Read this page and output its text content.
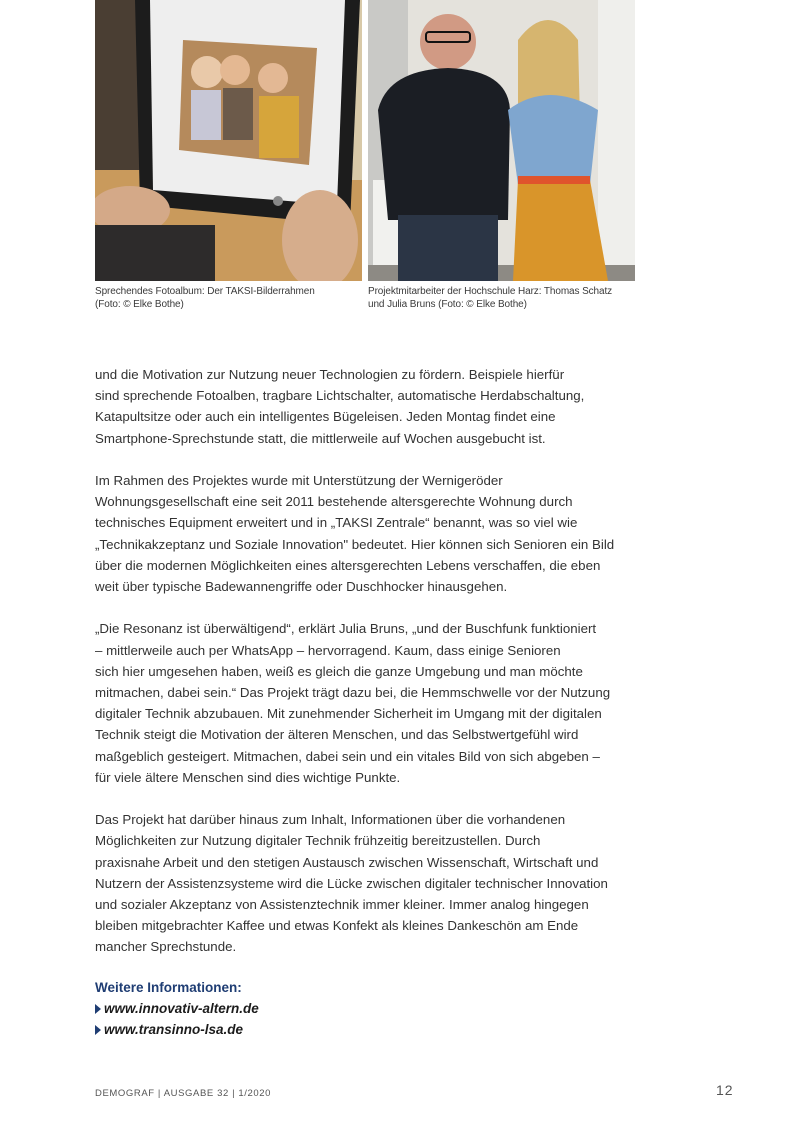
Sprechendes Fotoalbum: Der TAKSI-Bilderrahmen
(Foto: © Elke Bothe)
Projektmitarbeiter der Hochschule Harz: Thomas Schatz
und Julia Bruns (Foto: © Elke Bothe)

und die Motivation zur Nutzung neuer Technologien zu fördern. Beispiele hierfür
sind sprechende Fotoalben, tragbare Lichtschalter, automatische Herdabschaltung,
Katapultsitze oder auch ein intelligentes Bügeleisen. Jeden Montag findet eine
Smartphone-Sprechstunde statt, die mittlerweile auf Wochen ausgebucht ist.

Im Rahmen des Projektes wurde mit Unterstützung der Wernigeröder
Wohnungsgesellschaft eine seit 2011 bestehende altersgerechte Wohnung durch
technisches Equipment erweitert und in „TAKSI Zentrale“ benannt, was so viel wie
„Technikakzeptanz und Soziale Innovation" bedeutet. Hier können sich Senioren ein Bild
über die modernen Möglichkeiten eines altersgerechten Lebens verschaffen, die eben
weit über typische Badewannengriffe oder Duschhocker hinausgehen.

„Die Resonanz ist überwältigend“, erklärt Julia Bruns, „und der Buschfunk funktioniert
– mittlerweile auch per WhatsApp – hervorragend. Kaum, dass einige Senioren
sich hier umgesehen haben, weiß es gleich die ganze Umgebung und man möchte
mitmachen, dabei sein.“ Das Projekt trägt dazu bei, die Hemmschwelle vor der Nutzung
digitaler Technik abzubauen. Mit zunehmender Sicherheit im Umgang mit der digitalen
Technik steigt die Motivation der älteren Menschen, und das Selbstwertgefühl wird
maßgeblich gesteigert. Mitmachen, dabei sein und ein vitales Bild von sich abgeben –
für viele ältere Menschen sind dies wichtige Punkte.

Das Projekt hat darüber hinaus zum Inhalt, Informationen über die vorhandenen
Möglichkeiten zur Nutzung digitaler Technik frühzeitig bereitzustellen. Durch
praxisnahe Arbeit und den stetigen Austausch zwischen Wissenschaft, Wirtschaft und
Nutzern der Assistenzsysteme wird die Lücke zwischen digitaler technischer Innovation
und sozialer Akzeptanz von Assistenztechnik immer kleiner. Immer analog hingegen
bleiben mitgebrachter Kaffee und etwas Konfekt als kleines Dankeschön am Ende
mancher Sprechstunde.

Weitere Informationen:
www.innovativ-altern.de
www.transinno-lsa.de
DEMOGRAF | AUSGABE 32 | 1/2020	12
